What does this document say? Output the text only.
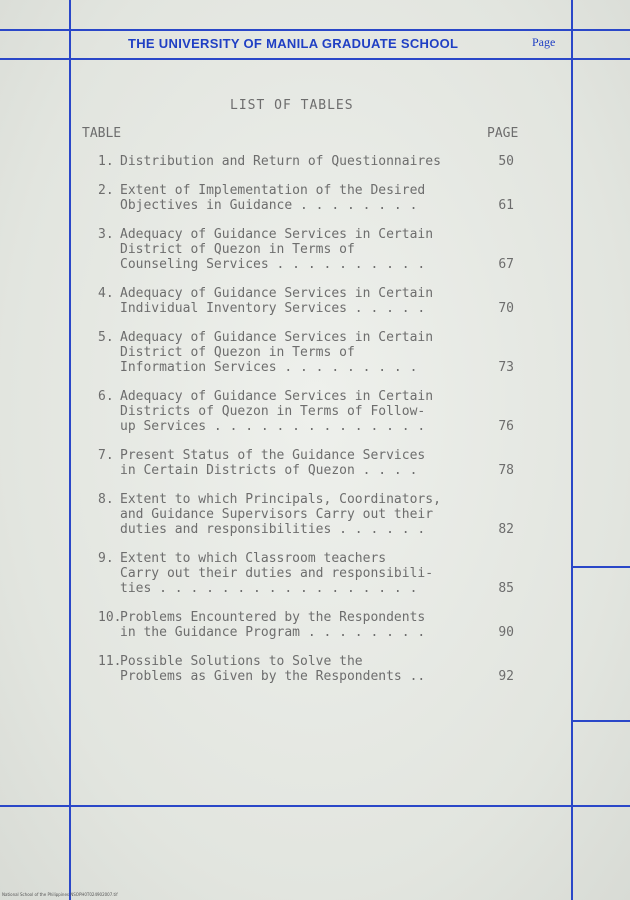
THE UNIVERSITY OF MANILA GRADUATE SCHOOL	Page
LIST OF TABLES
TABLE	PAGE
1. Distribution and Return of Questionnaires	50
2. Extent of Implementation of the Desired
Objectives in Guidance . . . . . . . .	61
3. Adequacy of Guidance Services in Certain
District of Quezon in Terms of
Counseling Services . . . . . . . . . .	67
4. Adequacy of Guidance Services in Certain
Individual Inventory Services . . . . .	70
5. Adequacy of Guidance Services in Certain
District of Quezon in Terms of
Information Services . . . . . . . . .	73
6. Adequacy of Guidance Services in Certain
Districts of Quezon in Terms of Follow-
up Services . . . . . . . . . . . . . .	76
7. Present Status of the Guidance Services
in Certain Districts of Quezon . . . .	78
8. Extent to which Principals, Coordinators,
and Guidance Supervisors Carry out their
duties and responsibilities . . . . . .	82
9. Extent to which Classroom teachers
Carry out their duties and responsibili-
ties . . . . . . . . . . . . . . . . .	85
10.
Problems Encountered by the Respondents
in the Guidance Program . . . . . . . .	90
11.
Possible Solutions to Solve the
Problems as Given by the Respondents ..	92
National School of the Philippines NSOPH0T024902007.tif
